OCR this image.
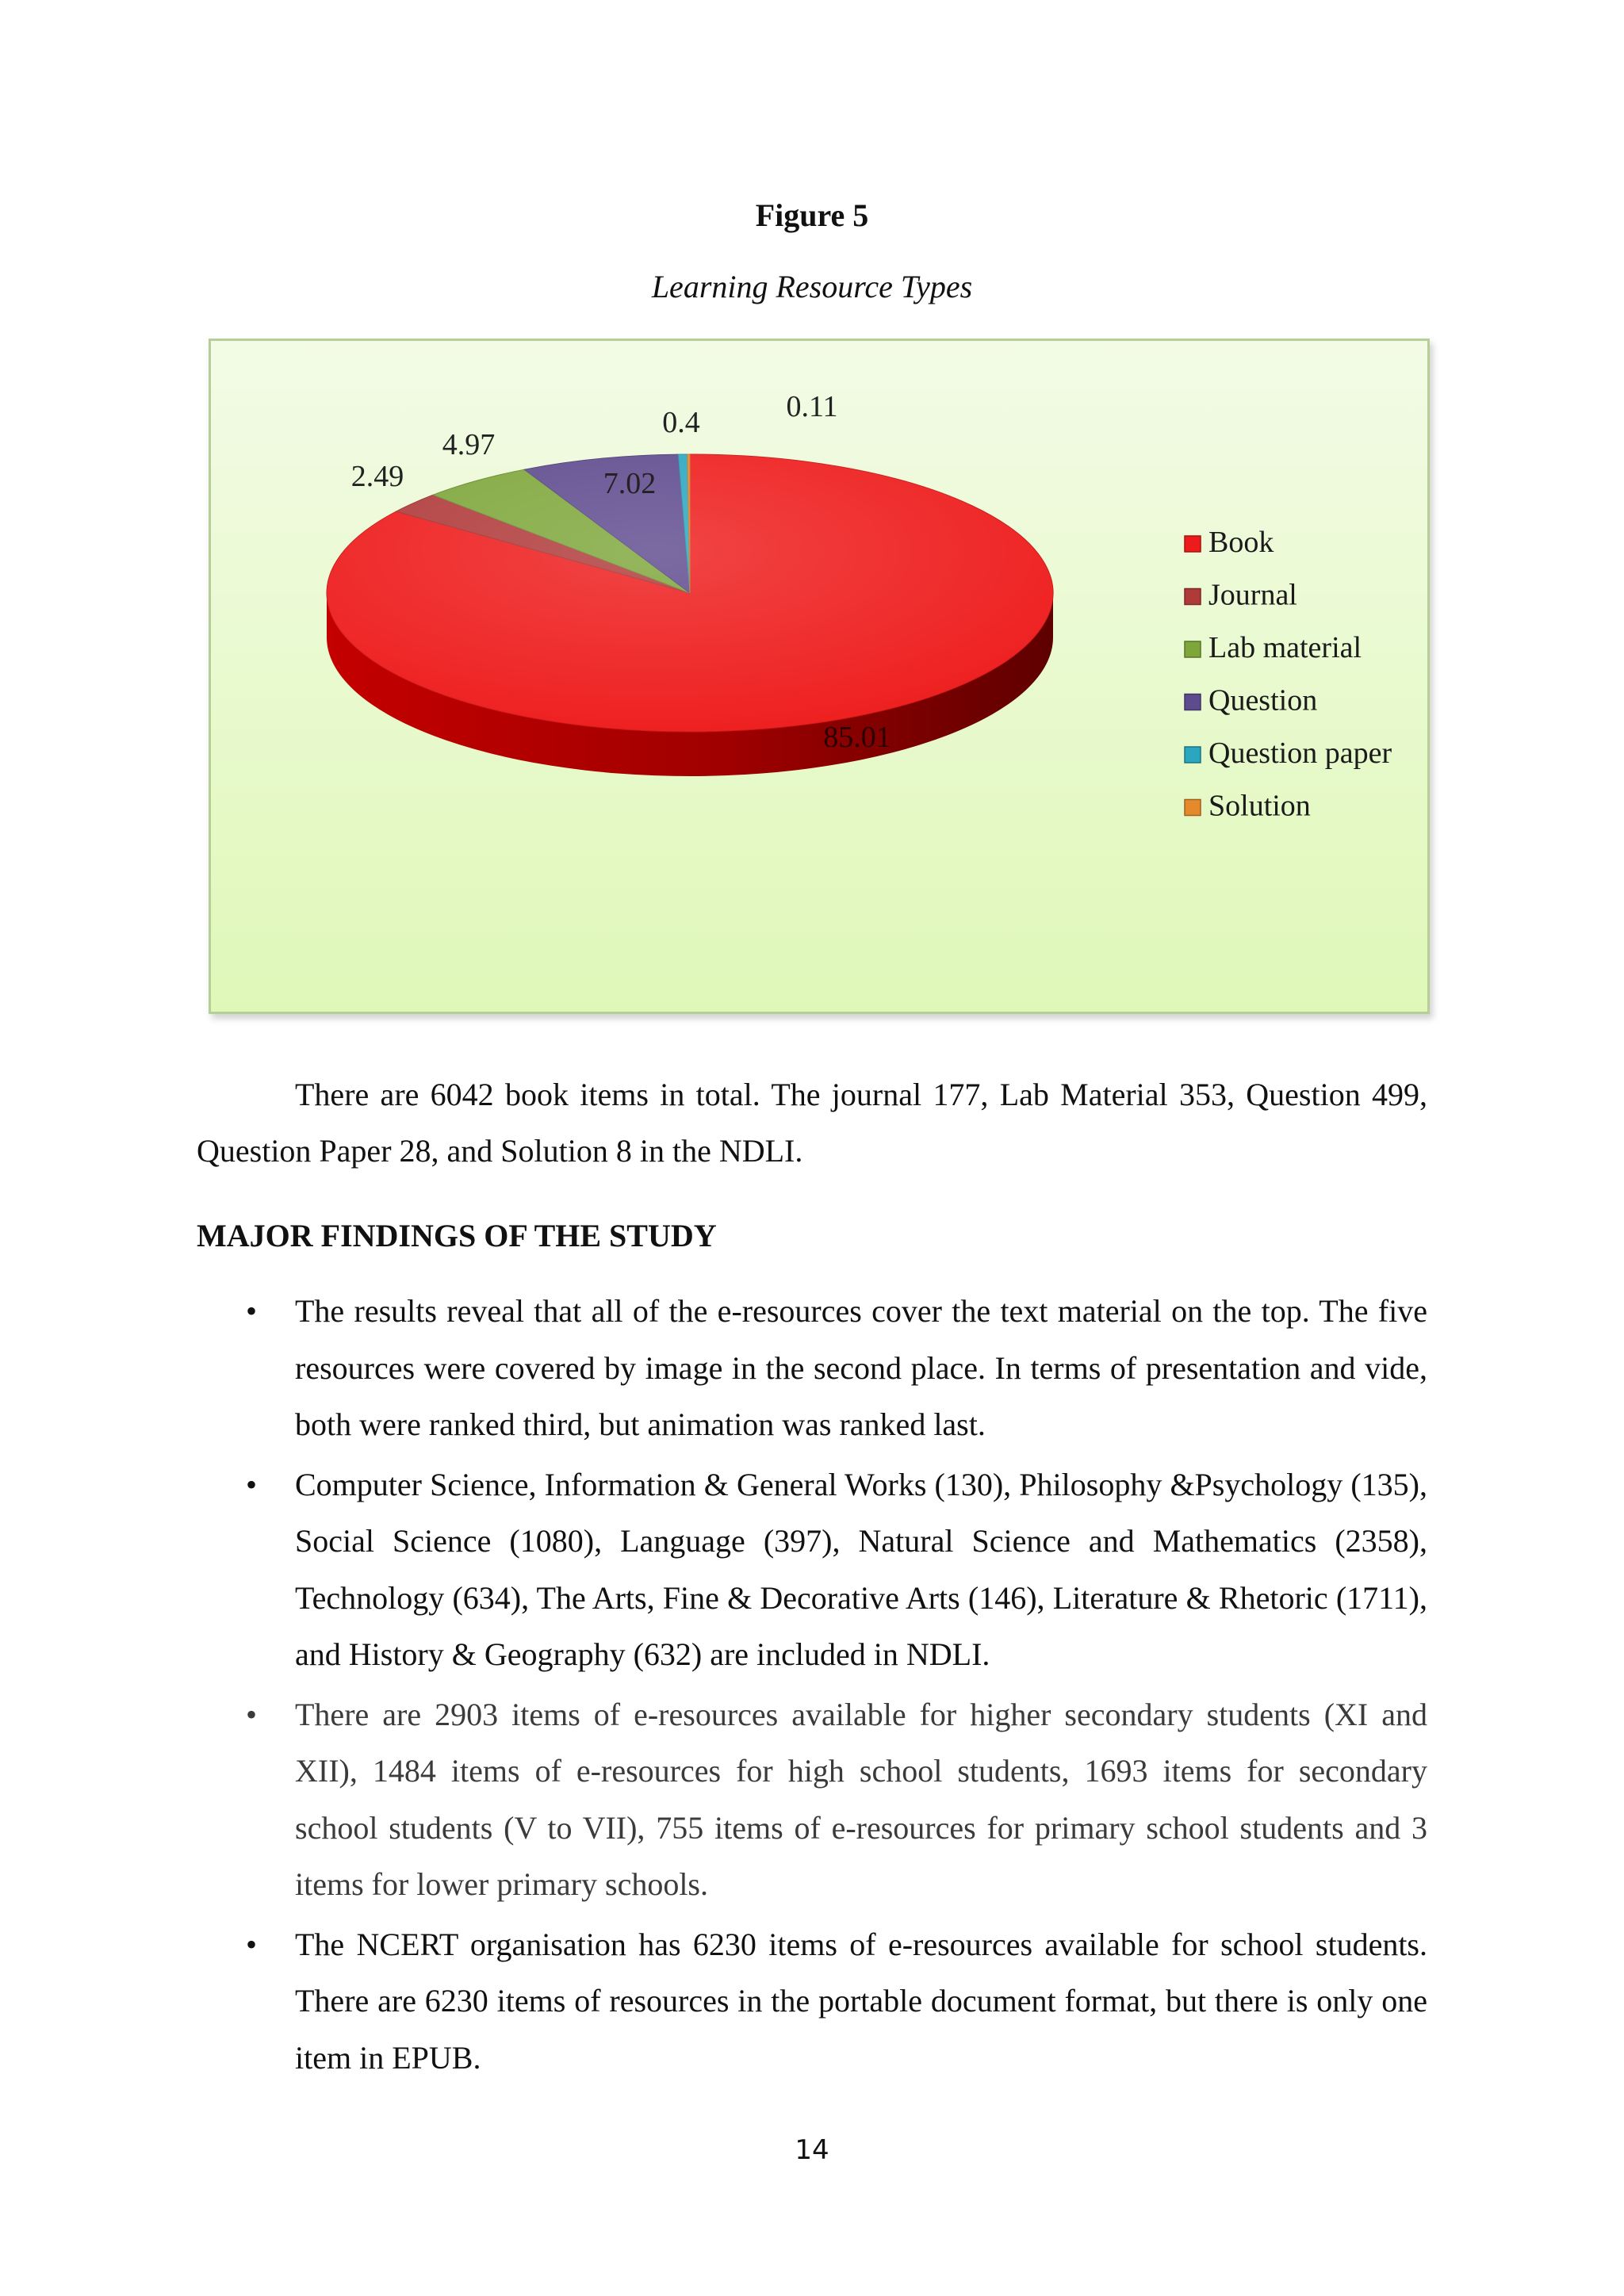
Figure 5
Learning Resource Types
85.01
2.49
4.97
7.02
0.4	0.11
Book
Journal
Lab material
Question
Question paper
Solution
There are 6042 book items in total. The journal 177, Lab Material 353, Question 499, Question Paper 28, and Solution 8 in the NDLI.
MAJOR FINDINGS OF THE STUDY
• The results reveal that all of the e-resources cover the text material on the top. The five resources were covered by image in the second place. In terms of presentation and vide, both were ranked third, but animation was ranked last.
• Computer Science, Information & General Works (130), Philosophy &Psychology (135), Social Science (1080), Language (397), Natural Science and Mathematics (2358), Technology (634), The Arts, Fine & Decorative Arts (146), Literature & Rhetoric (1711), and History & Geography (632) are included in NDLI.
• There are 2903 items of e-resources available for higher secondary students (XI and XII), 1484 items of e-resources for high school students, 1693 items for secondary school students (V to VII), 755 items of e-resources for primary school students and 3 items for lower primary schools.
• The NCERT organisation has 6230 items of e-resources available for school students. There are 6230 items of resources in the portable document format, but there is only one item in EPUB.
14
